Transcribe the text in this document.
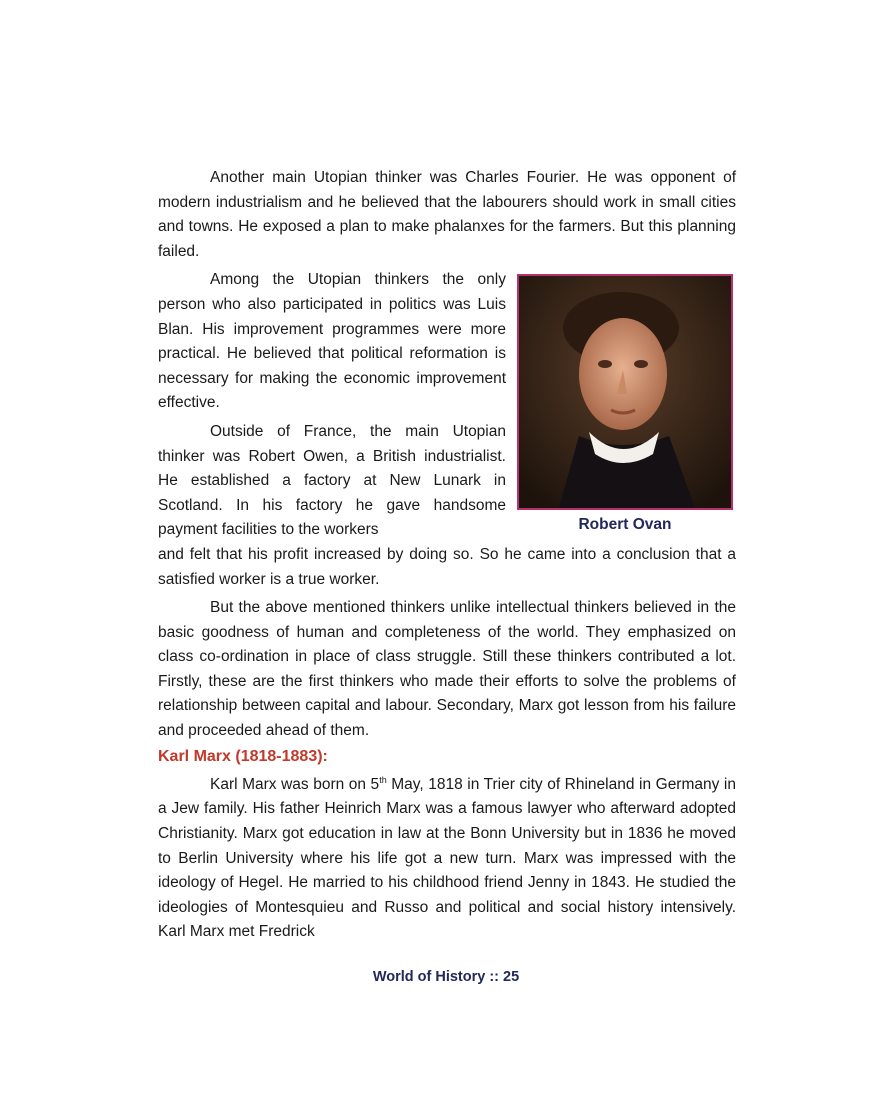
Another main Utopian thinker was Charles Fourier. He was opponent of modern industrialism and he believed that the labourers should work in small cities and towns. He exposed a plan to make phalanxes for the farmers. But this planning failed.

Robert Ovan

Among the Utopian thinkers the only person who also participated in politics was Luis Blan. His improvement programmes were more practical. He believed that political reformation is necessary for making the economic improvement effective.

Outside of France, the main Utopian thinker was Robert Owen, a British industrialist. He established a factory at New Lunark in Scotland. In his factory he gave handsome payment facilities to the workers

and felt that his profit increased by doing so. So he came into a conclusion that a satisfied worker is a true worker.

But the above mentioned thinkers unlike intellectual thinkers believed in the basic goodness of human and completeness of the world. They emphasized on class co-ordination in place of class struggle. Still these thinkers contributed a lot. Firstly, these are the first thinkers who made their efforts to solve the problems of relationship between capital and labour. Secondary, Marx got lesson from his failure and proceeded ahead of them.

Karl Marx (1818-1883):

Karl Marx was born on 5th May, 1818 in Trier city of Rhineland in Germany in a Jew family. His father Heinrich Marx was a famous lawyer who afterward adopted Christianity. Marx got education in law at the Bonn University but in 1836 he moved to Berlin University where his life got a new turn. Marx was impressed with the ideology of Hegel. He married to his childhood friend Jenny in 1843. He studied the ideologies of Montesquieu and Russo and political and social history intensively. Karl Marx met Fredrick

World of History :: 25
